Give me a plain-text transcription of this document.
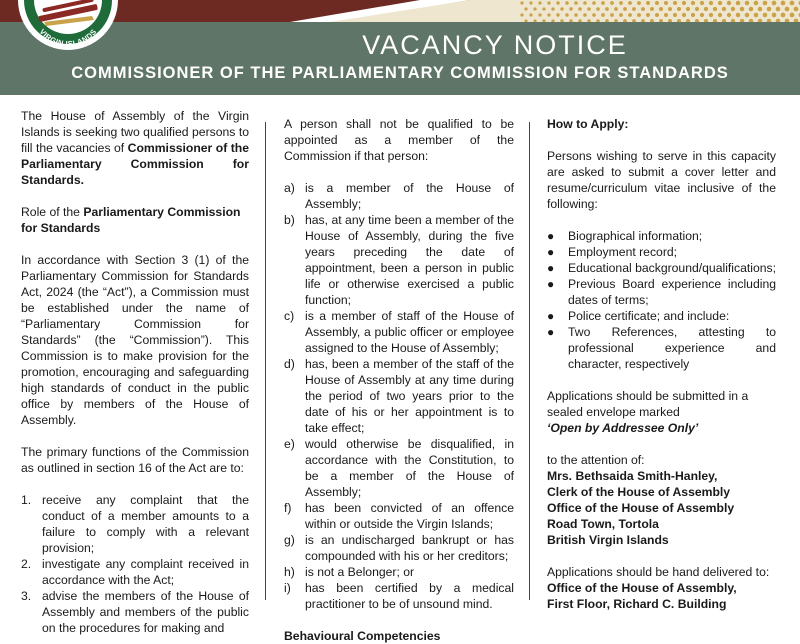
VIRGIN ISLANDS	VACANCY NOTICE
COMMISSIONER OF THE PARLIAMENTARY COMMISSION FOR STANDARDS

The House of Assembly of the Virgin Islands is seeking two qualified persons to fill the vacancies of Commissioner of the Parliamentary Commission for Standards.

Role of the Parliamentary Commission for Standards

In accordance with Section 3 (1) of the Parliamentary Commission for Standards Act, 2024 (the “Act”), a Commission must be established under the name of “Parliamentary Commission for Standards” (the “Commission”). This Commission is to make provision for the promotion, encouraging and safeguarding high standards of conduct in the public office by members of the House of Assembly.

The primary functions of the Commission as outlined in section 16 of the Act are to:

1. receive any complaint that the conduct of a member amounts to a failure to comply with a relevant provision;
2. investigate any complaint received in accordance with the Act;
3. advise the members of the House of Assembly and members of the public on the procedures for making and

A person shall not be qualified to be appointed as a member of the Commission if that person:

a) is a member of the House of Assembly;
b) has, at any time been a member of the House of Assembly, during the five years preceding the date of appointment, been a person in public life or otherwise exercised a public function;
c) is a member of staff of the House of Assembly, a public officer or employee assigned to the House of Assembly;
d) has, been a member of the staff of the House of Assembly at any time during the period of two years prior to the date of his or her appointment is to take effect;
e) would otherwise be disqualified, in accordance with the Constitution, to be a member of the House of Assembly;
f)	has been convicted of an offence within or outside the Virgin Islands;
g) is an undischarged bankrupt or has compounded with his or her creditors;
h) is not a Belonger; or
i)	has been certified by a medical practitioner to be of unsound mind.

Behavioural Competencies

How to Apply:

Persons wishing to serve in this capacity are asked to submit a cover letter and resume/curriculum vitae inclusive of the following:

●	Biographical information;
●	Employment record;
●	Educational background/qualifications;
●	Previous Board experience including dates of terms;
●	Police certificate; and include:
●	Two References, attesting to professional experience and character, respectively

Applications should be submitted in a sealed envelope marked

‘Open by Addressee Only’

to the attention of:

Mrs. Bethsaida Smith-Hanley,

Clerk of the House of Assembly

Office of the House of Assembly

Road Town, Tortola

British Virgin Islands

Applications should be hand delivered to:

Office of the House of Assembly,

First Floor, Richard C. Building
